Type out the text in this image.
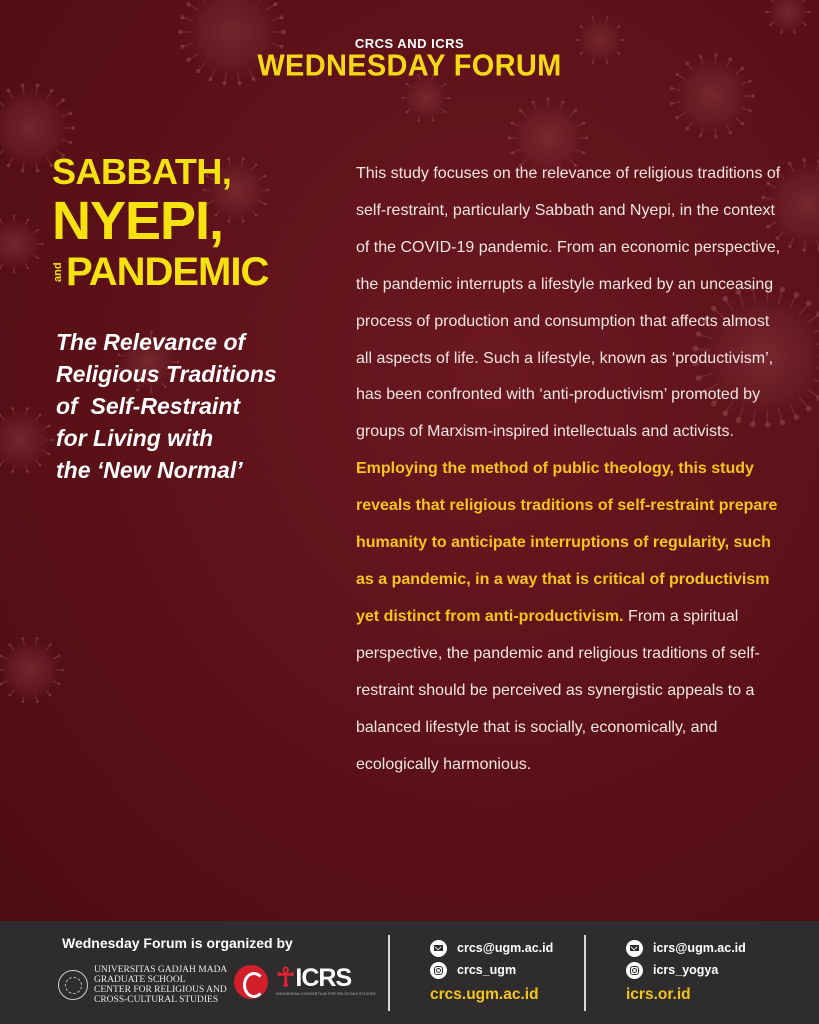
CRCS AND ICRS
WEDNESDAY FORUM
SABBATH,
NYEPI,
and PANDEMIC
The Relevance of
Religious Traditions
of  Self-Restraint
for Living with
the ‘New Normal’
This study focuses on the relevance of religious traditions of self-restraint, particularly Sabbath and Nyepi, in the context of the COVID-19 pandemic. From an economic perspective, the pandemic interrupts a lifestyle marked by an unceasing process of production and consumption that affects almost all aspects of life. Such a lifestyle, known as ‘productivism’, has been confronted with ‘anti-productivism’ promoted by groups of Marxism-inspired intellectuals and activists. Employing the method of public theology, this study reveals that religious traditions of self-restraint prepare humanity to anticipate interruptions of regularity, such as a pandemic, in a way that is critical of productivism yet distinct from anti-productivism. From a spiritual perspective, the pandemic and religious traditions of self-restraint should be perceived as synergistic appeals to a balanced lifestyle that is socially, economically, and ecologically harmonious.
Wednesday Forum is organized by
UNIVERSITAS GADJAH MADA
GRADUATE SCHOOL
CENTER FOR RELIGIOUS AND
CROSS-CULTURAL STUDIES
☥ICRS
INDONESIAN CONSORTIUM FOR RELIGIOUS STUDIES
crcs@ugm.ac.id
crcs_ugm
crcs.ugm.ac.id
icrs@ugm.ac.id
icrs_yogya
icrs.or.id
